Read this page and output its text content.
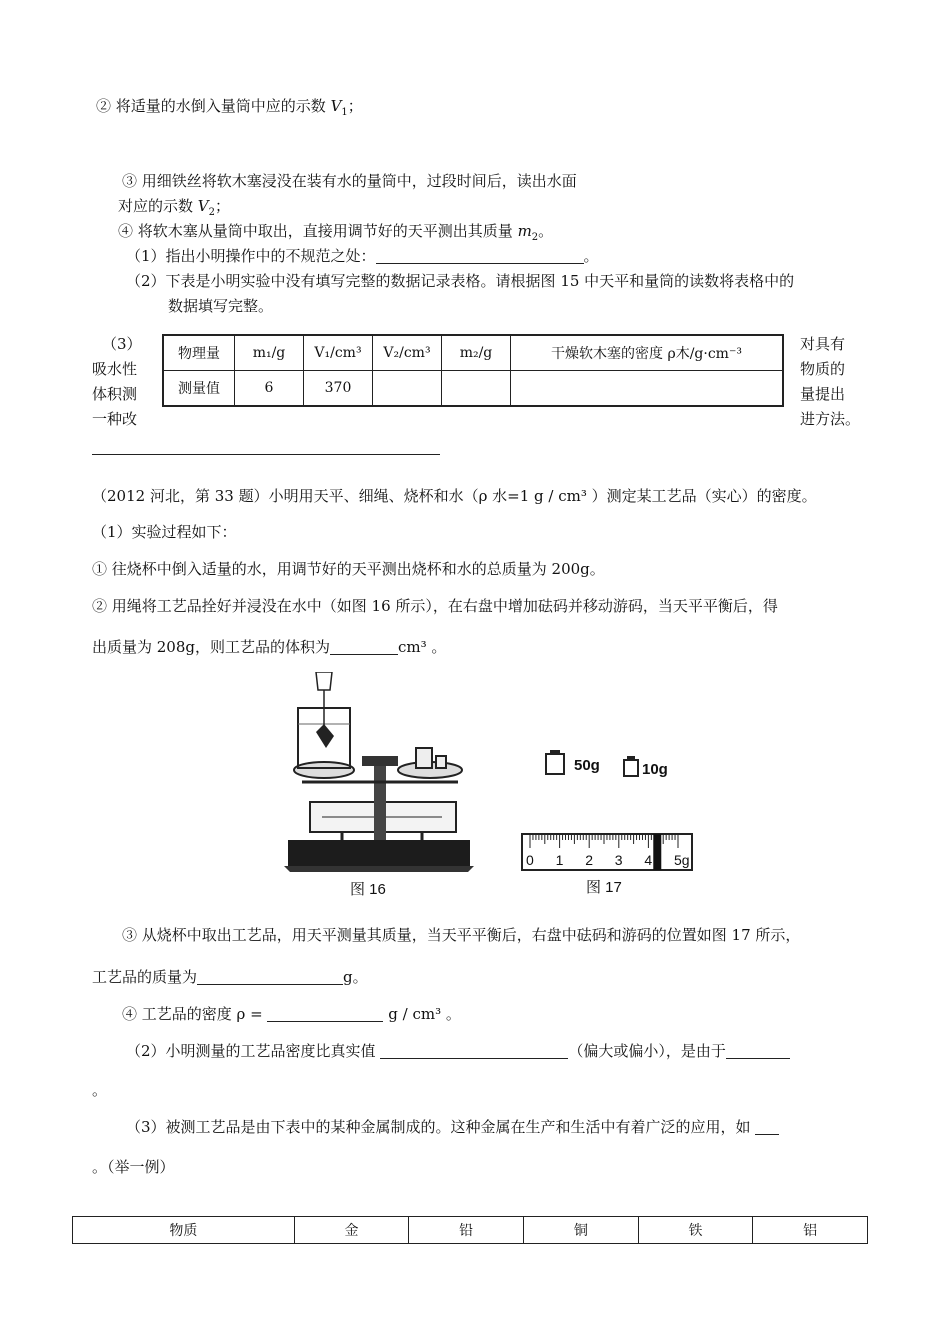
② 将适量的水倒入量筒中应的示数 $V_1$；
③ 用细铁丝将软木塞浸没在装有水的量筒中，过段时间后，读出水面
对应的示数 $V_2$；
④ 将软木塞从量筒中取出，直接用调节好的天平测出其质量 $m_2$。
（1）指出小明操作中的不规范之处：	。
（2）下表是小明实验中没有填写完整的数据记录表格。请根据图 15 中天平和量筒的读数将表格中的
数据填写完整。
（3）
吸水性
体积测
一种改
对具有
物质的
量提出
进方法。
物理量	m₁/g	V₁/cm³	V₂/cm³	m₂/g	干燥软木塞的密度 ρ木/g·cm⁻³
测量值	6	370			
（2012 河北，第 33 题）小明用天平、细绳、烧杯和水（ρ 水=1 g / cm³ ）测定某工艺品（实心）的密度。
（1）实验过程如下：
① 往烧杯中倒入适量的水，用调节好的天平测出烧杯和水的总质量为 200g。
② 用绳将工艺品拴好并浸没在水中（如图 16 所示），在右盘中增加砝码并移动游码，当天平平衡后，得
出质量为 208g，则工艺品的体积为	cm³ 。
图 16
50g	10g
0 1 2 3 4 5g
图 17
③ 从烧杯中取出工艺品，用天平测量其质量，当天平平衡后，右盘中砝码和游码的位置如图 17 所示，
工艺品的质量为	g。
④ 工艺品的密度 ρ =	g / cm³ 。
（2）小明测量的工艺品密度比真实值	（偏大或偏小），是由于
。
（3）被测工艺品是由下表中的某种金属制成的。这种金属在生产和生活中有着广泛的应用，如
。（举一例）
物质	金	铅	铜	铁	铝
